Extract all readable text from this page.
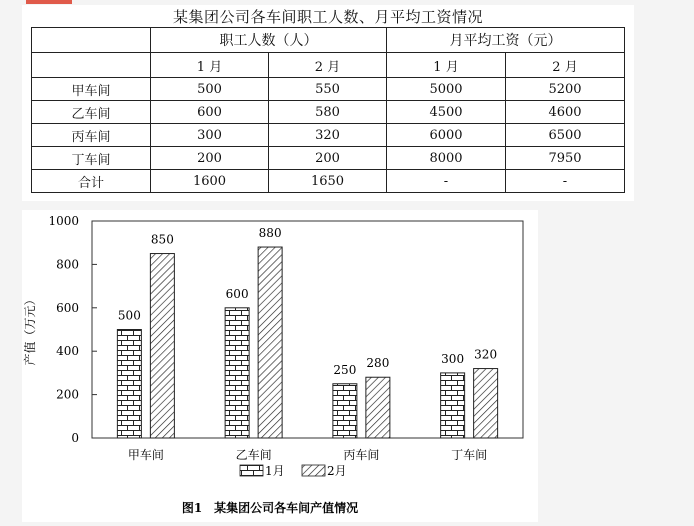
某集团公司各车间职工人数、月平均工资情况
	职工人数（人）		月平均工资（元）	
	1 月	2 月	1 月	2 月
甲车间	500	550	5000	5200
乙车间	600	580	4500	4600
丙车间	300	320	6000	6500
丁车间	200	200	8000	7950
合计	1600	1650	-	-
0
200
400
600
800
1000
产值（万元）	500
850
甲车间
600
880
乙车间
250 280
丙车间
300 320
丁车间
1月	2月
图1　某集团公司各车间产值情况
